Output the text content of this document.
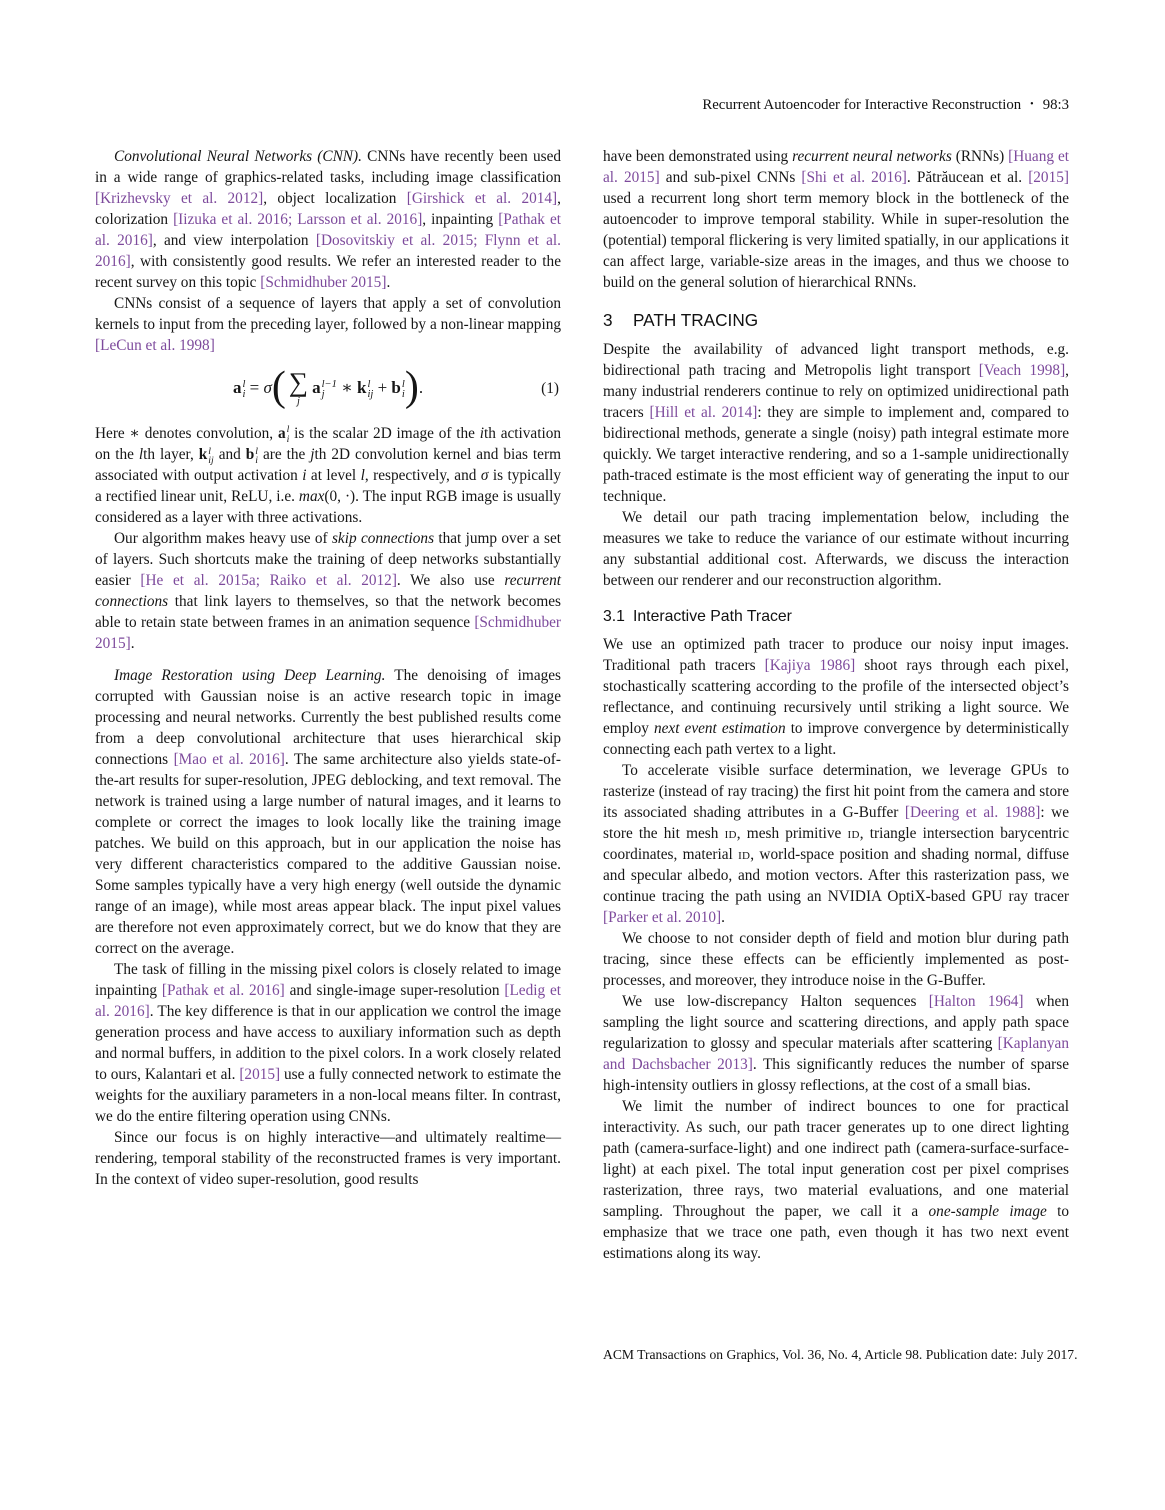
Recurrent Autoencoder for Interactive Reconstruction • 98:3

Convolutional Neural Networks (CNN). CNNs have recently been used in a wide range of graphics-related tasks, including image classification [Krizhevsky et al. 2012], object localization [Girshick et al. 2014], colorization [Iizuka et al. 2016; Larsson et al. 2016], inpainting [Pathak et al. 2016], and view interpolation [Dosovitskiy et al. 2015; Flynn et al. 2016], with consistently good results. We refer an interested reader to the recent survey on this topic [Schmidhuber 2015].

CNNs consist of a sequence of layers that apply a set of convolution kernels to input from the preceding layer, followed by a non-linear mapping [LeCun et al. 1998]

a l
i = σ( ∑
j
a l−1
j ∗ k l
ij + b l
i ).	(1)

Here ∗ denotes convolution, a l
i is the scalar 2D image of the ith activation on the lth layer, k l
ij and b l
i are the jth 2D convolution kernel and bias term associated with output activation i at level l, respectively, and σ is typically a rectified linear unit, ReLU, i.e. max(0, ·). The input RGB image is usually considered as a layer with three activations.

Our algorithm makes heavy use of skip connections that jump over a set of layers. Such shortcuts make the training of deep networks substantially easier [He et al. 2015a; Raiko et al. 2012]. We also use recurrent connections that link layers to themselves, so that the network becomes able to retain state between frames in an animation sequence [Schmidhuber 2015].

Image Restoration using Deep Learning. The denoising of images corrupted with Gaussian noise is an active research topic in image processing and neural networks. Currently the best published results come from a deep convolutional architecture that uses hierarchical skip connections [Mao et al. 2016]. The same architecture also yields state-of-the-art results for super-resolution, JPEG deblocking, and text removal. The network is trained using a large number of natural images, and it learns to complete or correct the images to look locally like the training image patches. We build on this approach, but in our application the noise has very different characteristics compared to the additive Gaussian noise. Some samples typically have a very high energy (well outside the dynamic range of an image), while most areas appear black. The input pixel values are therefore not even approximately correct, but we do know that they are correct on the average.

The task of filling in the missing pixel colors is closely related to image inpainting [Pathak et al. 2016] and single-image super-resolution [Ledig et al. 2016]. The key difference is that in our application we control the image generation process and have access to auxiliary information such as depth and normal buffers, in addition to the pixel colors. In a work closely related to ours, Kalantari et al. [2015] use a fully connected network to estimate the weights for the auxiliary parameters in a non-local means filter. In contrast, we do the entire filtering operation using CNNs.

Since our focus is on highly interactive—and ultimately realtime—rendering, temporal stability of the reconstructed frames is very important. In the context of video super-resolution, good results

have been demonstrated using recurrent neural networks (RNNs) [Huang et al. 2015] and sub-pixel CNNs [Shi et al. 2016]. Pătrăucean et al. [2015] used a recurrent long short term memory block in the bottleneck of the autoencoder to improve temporal stability. While in super-resolution the (potential) temporal flickering is very limited spatially, in our applications it can affect large, variable-size areas in the images, and thus we choose to build on the general solution of hierarchical RNNs.

3 PATH TRACING

Despite the availability of advanced light transport methods, e.g. bidirectional path tracing and Metropolis light transport [Veach 1998], many industrial renderers continue to rely on optimized unidirectional path tracers [Hill et al. 2014]: they are simple to implement and, compared to bidirectional methods, generate a single (noisy) path integral estimate more quickly. We target interactive rendering, and so a 1-sample unidirectionally path-traced estimate is the most efficient way of generating the input to our technique.

We detail our path tracing implementation below, including the measures we take to reduce the variance of our estimate without incurring any substantial additional cost. Afterwards, we discuss the interaction between our renderer and our reconstruction algorithm.

3.1 Interactive Path Tracer

We use an optimized path tracer to produce our noisy input images. Traditional path tracers [Kajiya 1986] shoot rays through each pixel, stochastically scattering according to the profile of the intersected object’s reflectance, and continuing recursively until striking a light source. We employ next event estimation to improve convergence by deterministically connecting each path vertex to a light.

To accelerate visible surface determination, we leverage GPUs to rasterize (instead of ray tracing) the first hit point from the camera and store its associated shading attributes in a G-Buffer [Deering et al. 1988]: we store the hit mesh id, mesh primitive id, triangle intersection barycentric coordinates, material id, world-space position and shading normal, diffuse and specular albedo, and motion vectors. After this rasterization pass, we continue tracing the path using an NVIDIA OptiX-based GPU ray tracer [Parker et al. 2010].

We choose to not consider depth of field and motion blur during path tracing, since these effects can be efficiently implemented as post-processes, and moreover, they introduce noise in the G-Buffer.

We use low-discrepancy Halton sequences [Halton 1964] when sampling the light source and scattering directions, and apply path space regularization to glossy and specular materials after scattering [Kaplanyan and Dachsbacher 2013]. This significantly reduces the number of sparse high-intensity outliers in glossy reflections, at the cost of a small bias.

We limit the number of indirect bounces to one for practical interactivity. As such, our path tracer generates up to one direct lighting path (camera-surface-light) and one indirect path (camera-surface-surface-light) at each pixel. The total input generation cost per pixel comprises rasterization, three rays, two material evaluations, and one material sampling. Throughout the paper, we call it a one-sample image to emphasize that we trace one path, even though it has two next event estimations along its way.

ACM Transactions on Graphics, Vol. 36, No. 4, Article 98. Publication date: July 2017.
